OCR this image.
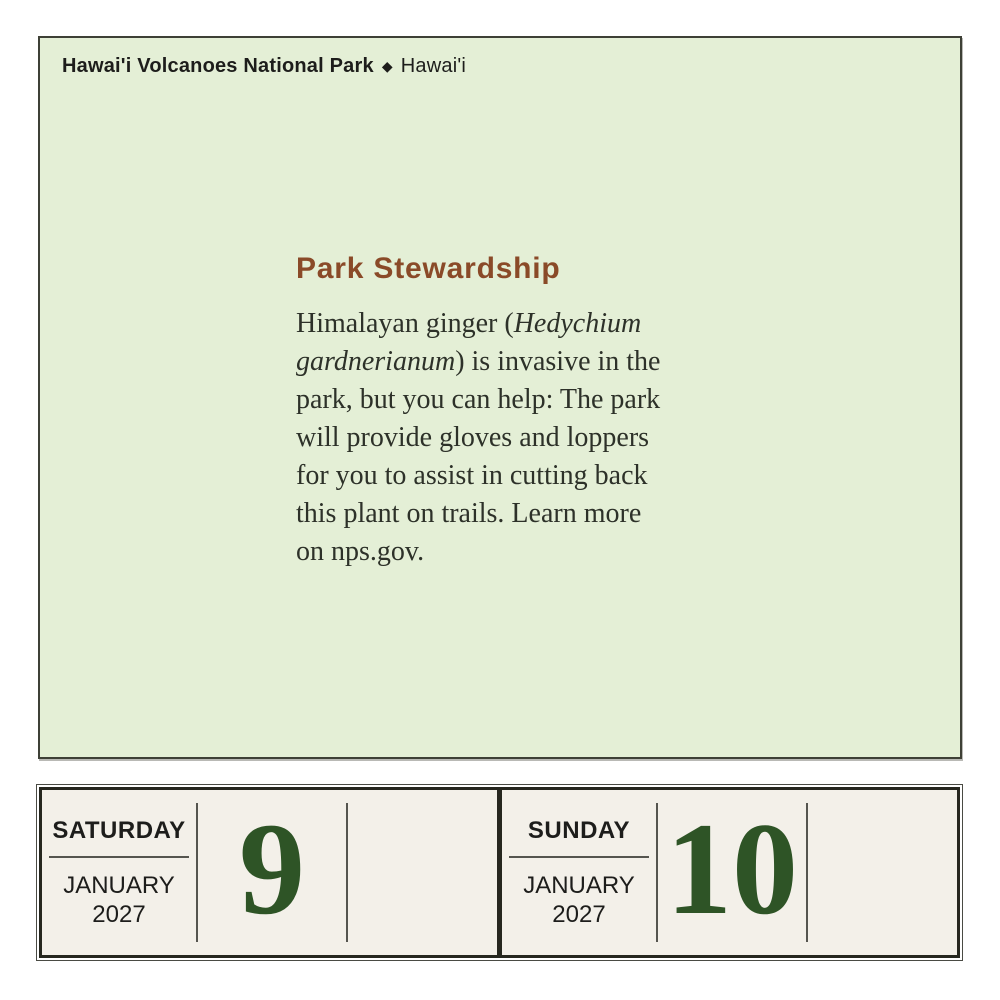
Hawai'i Volcanoes National Park ◆ Hawai'i
Park Stewardship
Himalayan ginger (Hedychium
gardnerianum) is invasive in the
park, but you can help: The park
will provide gloves and loppers
for you to assist in cutting back
this plant on trails. Learn more
on nps.gov.
SATURDAY
JANUARY
2027 9	SUNDAY
JANUARY
2027 10
